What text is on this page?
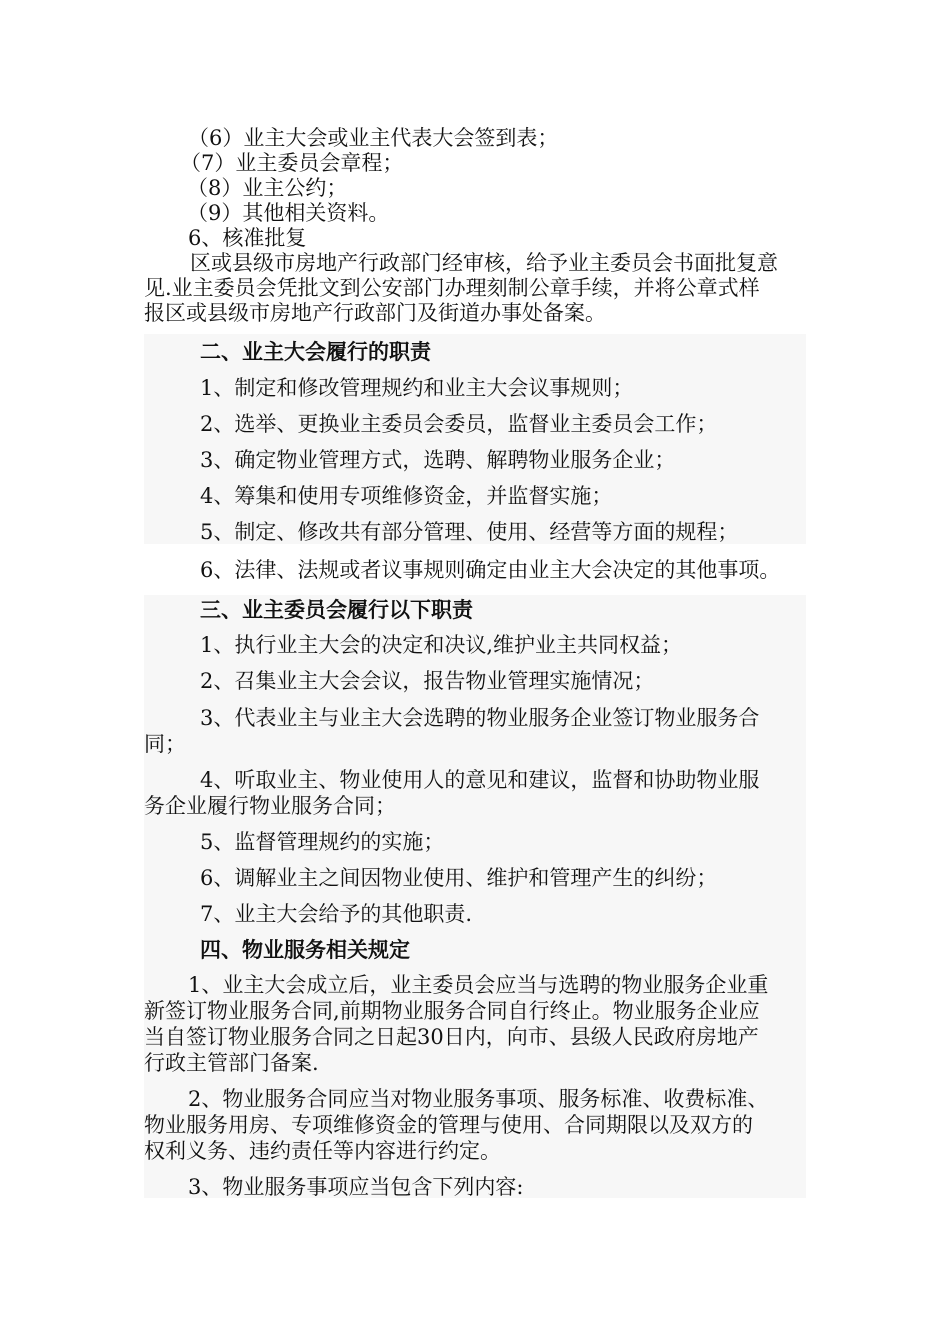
（6）业主大会或业主代表大会签到表；
（7）业主委员会章程；
（8）业主公约；
（9）其他相关资料。
6、核准批复
区或县级市房地产行政部门经审核，给予业主委员会书面批复意
见.业主委员会凭批文到公安部门办理刻制公章手续，并将公章式样
报区或县级市房地产行政部门及街道办事处备案。
二、业主大会履行的职责
1、制定和修改管理规约和业主大会议事规则；
2、选举、更换业主委员会委员，监督业主委员会工作；
3、确定物业管理方式，选聘、解聘物业服务企业；
4、筹集和使用专项维修资金，并监督实施；
5、制定、修改共有部分管理、使用、经营等方面的规程；
6、法律、法规或者议事规则确定由业主大会决定的其他事项。
三、业主委员会履行以下职责
1、执行业主大会的决定和决议,维护业主共同权益；
2、召集业主大会会议，报告物业管理实施情况；
3、代表业主与业主大会选聘的物业服务企业签订物业服务合
同；
4、听取业主、物业使用人的意见和建议，监督和协助物业服
务企业履行物业服务合同；
5、监督管理规约的实施；
6、调解业主之间因物业使用、维护和管理产生的纠纷；
7、业主大会给予的其他职责.
四、物业服务相关规定
1、业主大会成立后，业主委员会应当与选聘的物业服务企业重
新签订物业服务合同,前期物业服务合同自行终止。物业服务企业应
当自签订物业服务合同之日起30日内，向市、县级人民政府房地产
行政主管部门备案.
2、物业服务合同应当对物业服务事项、服务标准、收费标准、
物业服务用房、专项维修资金的管理与使用、合同期限以及双方的
权利义务、违约责任等内容进行约定。
3、物业服务事项应当包含下列内容:
